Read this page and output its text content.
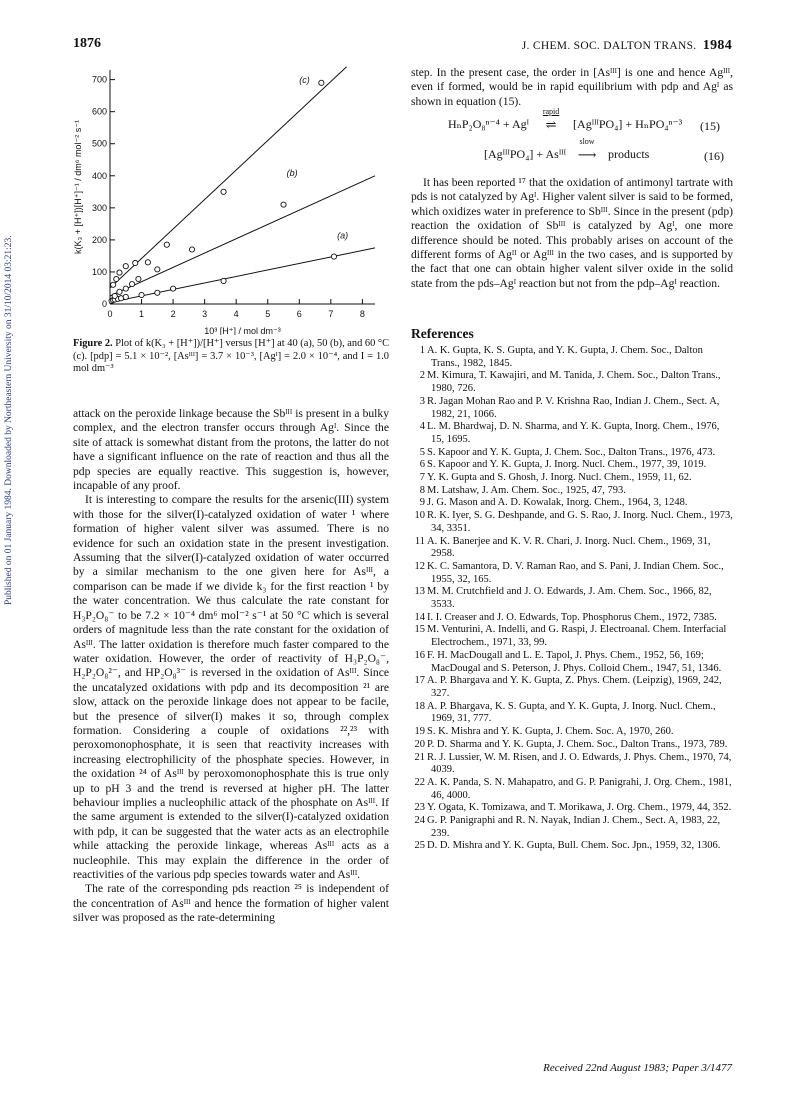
Published on 01 January 1984. Downloaded by Northeastern University on 31/10/2014 03:21:23.
1876	J. CHEM. SOC. DALTON TRANS. 1984
0	1	2	3	4	5	6	7	8
0
100
200
300
400
500
600
700
10³ [H⁺] / mol dm⁻³
k(K₃ + [H⁺])[H⁺]⁻¹ / dm⁶ mol⁻² s⁻¹	(a)
(b)
(c)
Figure 2. Plot of k(K₃ + [H⁺])/[H⁺] versus [H⁺] at 40 (a), 50 (b), and 60 °C (c). [pdp] = 5.1 × 10⁻², [Asᴵᴵᴵ] = 3.7 × 10⁻³, [Agᴵ] = 2.0 × 10⁻⁴, and I = 1.0 mol dm⁻³

attack on the peroxide linkage because the Sbᴵᴵᴵ is present in a bulky complex, and the electron transfer occurs through Agᴵ. Since the site of attack is somewhat distant from the protons, the latter do not have a significant influence on the rate of reaction and thus all the pdp species are equally reactive. This suggestion is, however, incapable of any proof.

It is interesting to compare the results for the arsenic(III) system with those for the silver(I)-catalyzed oxidation of water ¹ where formation of higher valent silver was assumed. There is no evidence for such an oxidation state in the present investigation. Assuming that the silver(I)-catalyzed oxidation of water occurred by a similar mechanism to the one given here for Asᴵᴵᴵ, a comparison can be made if we divide k₃ for the first reaction ¹ by the water concentration. We thus calculate the rate constant for H₃P₂O₈⁻ to be 7.2 × 10⁻⁴ dm⁶ mol⁻² s⁻¹ at 50 °C which is several orders of magnitude less than the rate constant for the oxidation of Asᴵᴵᴵ. The latter oxidation is therefore much faster compared to the water oxidation. However, the order of reactivity of H₃P₂O₈⁻, H₂P₂O₈²⁻, and HP₂O₈³⁻ is reversed in the oxidation of Asᴵᴵᴵ. Since the uncatalyzed oxidations with pdp and its decomposition ²¹ are slow, attack on the peroxide linkage does not appear to be facile, but the presence of silver(I) makes it so, through complex formation. Considering a couple of oxidations ²²,²³ with peroxomonophosphate, it is seen that reactivity increases with increasing electrophilicity of the phosphate species. However, in the oxidation ²⁴ of Asᴵᴵᴵ by peroxomonophosphate this is true only up to pH 3 and the trend is reversed at higher pH. The latter behaviour implies a nucleophilic attack of the phosphate on Asᴵᴵᴵ. If the same argument is extended to the silver(I)-catalyzed oxidation with pdp, it can be suggested that the water acts as an electrophile while attacking the peroxide linkage, whereas Asᴵᴵᴵ acts as a nucleophile. This may explain the difference in the order of reactivities of the various pdp species towards water and Asᴵᴵᴵ.

The rate of the corresponding pds reaction ²⁵ is independent of the concentration of Asᴵᴵᴵ and hence the formation of higher valent silver was proposed as the rate-determining

step. In the present case, the order in [Asᴵᴵᴵ] is one and hence Agᴵᴵᴵ, even if formed, would be in rapid equilibrium with pdp and Agᴵ as shown in equation (15).

HₙP₂O₈ⁿ⁻⁴ + Agᴵ
rapid
⇌ [AgᴵᴵᴵPO₄] + HₙPO₄ⁿ⁻³ (15)
[AgᴵᴵᴵPO₄] + Asᴵᴵᴵ
slow
⟶ products	(16)

It has been reported ¹⁷ that the oxidation of antimonyl tartrate with pds is not catalyzed by Agᴵ. Higher valent silver is said to be formed, which oxidizes water in preference to Sbᴵᴵᴵ. Since in the present (pdp) reaction the oxidation of Sbᴵᴵᴵ is catalyzed by Agᴵ, one more difference should be noted. This probably arises on account of the different forms of Agᴵᴵ or Agᴵᴵᴵ in the two cases, and is supported by the fact that one can obtain higher valent silver oxide in the solid state from the pds–Agᴵ reaction but not from the pdp–Agᴵ reaction.

References
1 A. K. Gupta, K. S. Gupta, and Y. K. Gupta, J. Chem. Soc., Dalton Trans., 1982, 1845.
2 M. Kimura, T. Kawajiri, and M. Tanida, J. Chem. Soc., Dalton Trans., 1980, 726.
3 R. Jagan Mohan Rao and P. V. Krishna Rao, Indian J. Chem., Sect. A, 1982, 21, 1066.
4 L. M. Bhardwaj, D. N. Sharma, and Y. K. Gupta, Inorg. Chem., 1976, 15, 1695.
5 S. Kapoor and Y. K. Gupta, J. Chem. Soc., Dalton Trans., 1976, 473.
6 S. Kapoor and Y. K. Gupta, J. Inorg. Nucl. Chem., 1977, 39, 1019.
7 Y. K. Gupta and S. Ghosh, J. Inorg. Nucl. Chem., 1959, 11, 62.
8 M. Latshaw, J. Am. Chem. Soc., 1925, 47, 793.
9 J. G. Mason and A. D. Kowalak, Inorg. Chem., 1964, 3, 1248.
10 R. K. Iyer, S. G. Deshpande, and G. S. Rao, J. Inorg. Nucl. Chem., 1973, 34, 3351.
11 A. K. Banerjee and K. V. R. Chari, J. Inorg. Nucl. Chem., 1969, 31, 2958.
12 K. C. Samantora, D. V. Raman Rao, and S. Pani, J. Indian Chem. Soc., 1955, 32, 165.
13 M. M. Crutchfield and J. O. Edwards, J. Am. Chem. Soc., 1966, 82, 3533.
14 I. I. Creaser and J. O. Edwards, Top. Phosphorus Chem., 1972, 7385.
15 M. Venturini, A. Indelli, and G. Raspi, J. Electroanal. Chem. Interfacial Electrochem., 1971, 33, 99.
16 F. H. MacDougall and L. E. Tapol, J. Phys. Chem., 1952, 56, 169; MacDougal and S. Peterson, J. Phys. Colloid Chem., 1947, 51, 1346.
17 A. P. Bhargava and Y. K. Gupta, Z. Phys. Chem. (Leipzig), 1969, 242, 327.
18 A. P. Bhargava, K. S. Gupta, and Y. K. Gupta, J. Inorg. Nucl. Chem., 1969, 31, 777.
19 S. K. Mishra and Y. K. Gupta, J. Chem. Soc. A, 1970, 260.
20 P. D. Sharma and Y. K. Gupta, J. Chem. Soc., Dalton Trans., 1973, 789.
21 R. J. Lussier, W. M. Risen, and J. O. Edwards, J. Phys. Chem., 1970, 74, 4039.
22 A. K. Panda, S. N. Mahapatro, and G. P. Panigrahi, J. Org. Chem., 1981, 46, 4000.
23 Y. Ogata, K. Tomizawa, and T. Morikawa, J. Org. Chem., 1979, 44, 352.
24 G. P. Panigraphi and R. N. Nayak, Indian J. Chem., Sect. A, 1983, 22, 239.
25 D. D. Mishra and Y. K. Gupta, Bull. Chem. Soc. Jpn., 1959, 32, 1306.
Received 22nd August 1983; Paper 3/1477
